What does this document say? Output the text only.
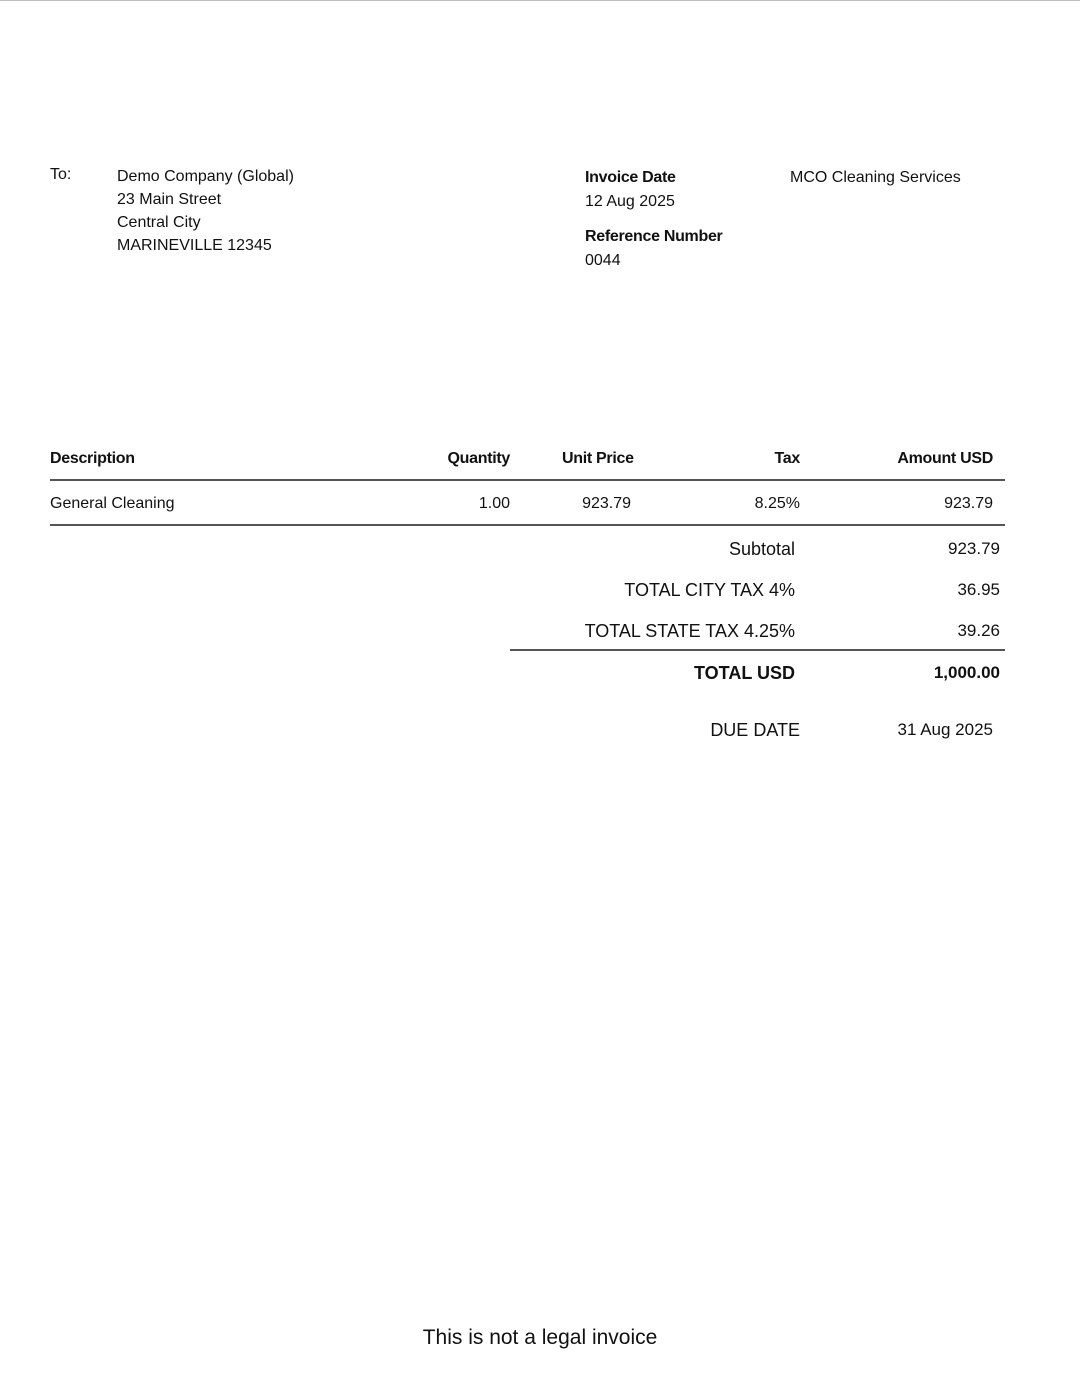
To:	Demo Company (Global)
23 Main Street
Central City
MARINEVILLE 12345
Invoice Date
12 Aug 2025
Reference Number
0044
MCO Cleaning Services
Description	Quantity	Unit Price	Tax	Amount USD
General Cleaning	1.00	923.79	8.25%	923.79
Subtotal	923.79
TOTAL CITY TAX 4%	36.95
TOTAL STATE TAX 4.25%	39.26
TOTAL USD	1,000.00
DUE DATE	31 Aug 2025
This is not a legal invoice
